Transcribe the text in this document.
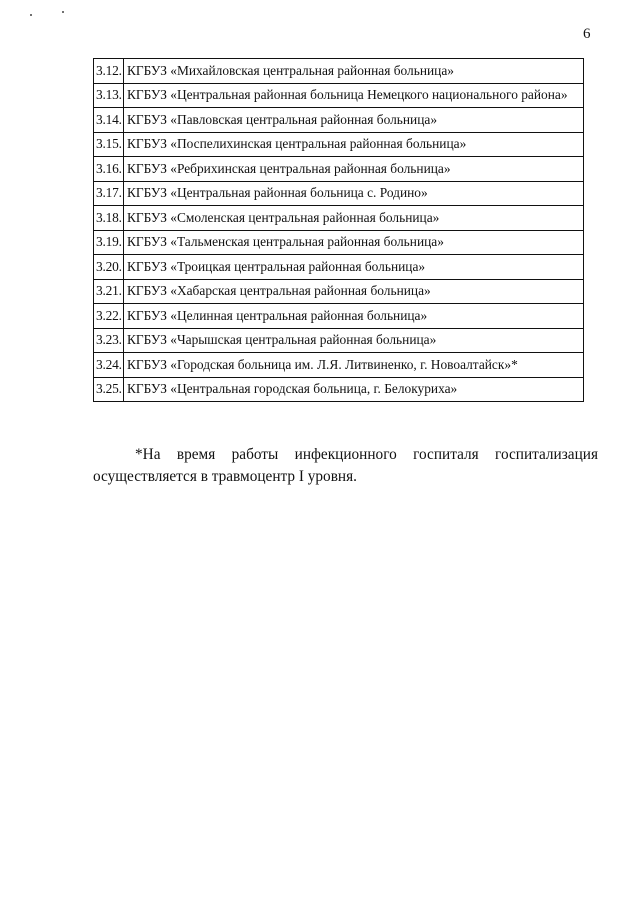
6
3.12.	КГБУЗ «Михайловская центральная районная больница»
3.13.	КГБУЗ «Центральная районная больница Немецкого национального района»
3.14.	КГБУЗ «Павловская центральная районная больница»
3.15.	КГБУЗ «Поспелихинская центральная районная больница»
3.16.	КГБУЗ «Ребрихинская центральная районная больница»
3.17.	КГБУЗ «Центральная районная больница с. Родино»
3.18.	КГБУЗ «Смоленская центральная районная больница»
3.19.	КГБУЗ «Тальменская центральная районная больница»
3.20.	КГБУЗ «Троицкая центральная районная больница»
3.21.	КГБУЗ «Хабарская центральная районная больница»
3.22.	КГБУЗ «Целинная центральная районная больница»
3.23.	КГБУЗ «Чарышская центральная районная больница»
3.24.	КГБУЗ «Городская больница им. Л.Я. Литвиненко, г. Новоалтайск»*
3.25.	КГБУЗ «Центральная городская больница, г. Белокуриха»
*На время работы инфекционного госпиталя госпитализация осуществляется в травмоцентр I уровня.
